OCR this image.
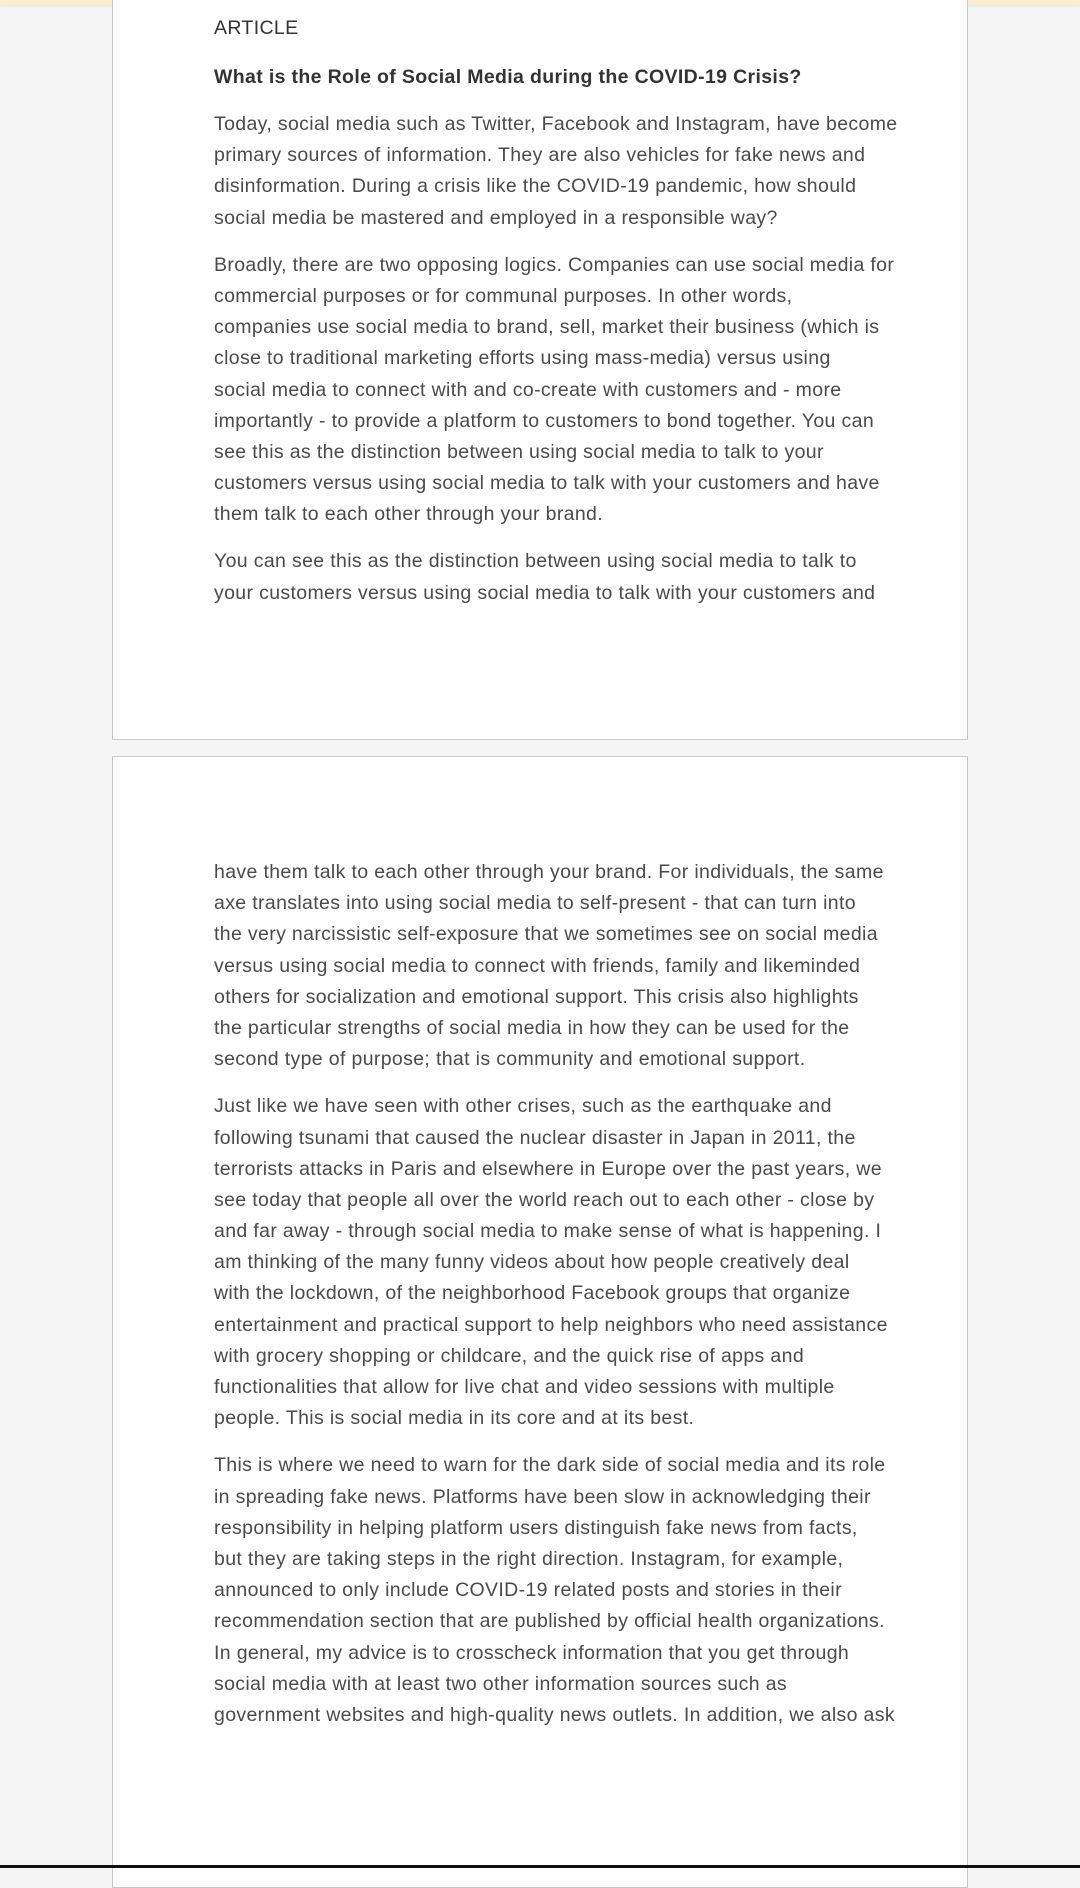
ARTICLE
What is the Role of Social Media during the COVID-19 Crisis?
Today, social media such as Twitter, Facebook and Instagram, have become
primary sources of information. They are also vehicles for fake news and
disinformation. During a crisis like the COVID-19 pandemic, how should
social media be mastered and employed in a responsible way?
Broadly, there are two opposing logics. Companies can use social media for
commercial purposes or for communal purposes. In other words,
companies use social media to brand, sell, market their business (which is
close to traditional marketing efforts using mass-media) versus using
social media to connect with and co-create with customers and - more
importantly - to provide a platform to customers to bond together. You can
see this as the distinction between using social media to talk to your
customers versus using social media to talk with your customers and have
them talk to each other through your brand.
You can see this as the distinction between using social media to talk to
your customers versus using social media to talk with your customers and
have them talk to each other through your brand. For individuals, the same
axe translates into using social media to self-present - that can turn into
the very narcissistic self-exposure that we sometimes see on social media
versus using social media to connect with friends, family and likeminded
others for socialization and emotional support. This crisis also highlights
the particular strengths of social media in how they can be used for the
second type of purpose; that is community and emotional support.
Just like we have seen with other crises, such as the earthquake and
following tsunami that caused the nuclear disaster in Japan in 2011, the
terrorists attacks in Paris and elsewhere in Europe over the past years, we
see today that people all over the world reach out to each other - close by
and far away - through social media to make sense of what is happening. I
am thinking of the many funny videos about how people creatively deal
with the lockdown, of the neighborhood Facebook groups that organize
entertainment and practical support to help neighbors who need assistance
with grocery shopping or childcare, and the quick rise of apps and
functionalities that allow for live chat and video sessions with multiple
people. This is social media in its core and at its best.
This is where we need to warn for the dark side of social media and its role
in spreading fake news. Platforms have been slow in acknowledging their
responsibility in helping platform users distinguish fake news from facts,
but they are taking steps in the right direction. Instagram, for example,
announced to only include COVID-19 related posts and stories in their
recommendation section that are published by official health organizations.
In general, my advice is to crosscheck information that you get through
social media with at least two other information sources such as
government websites and high-quality news outlets. In addition, we also ask
